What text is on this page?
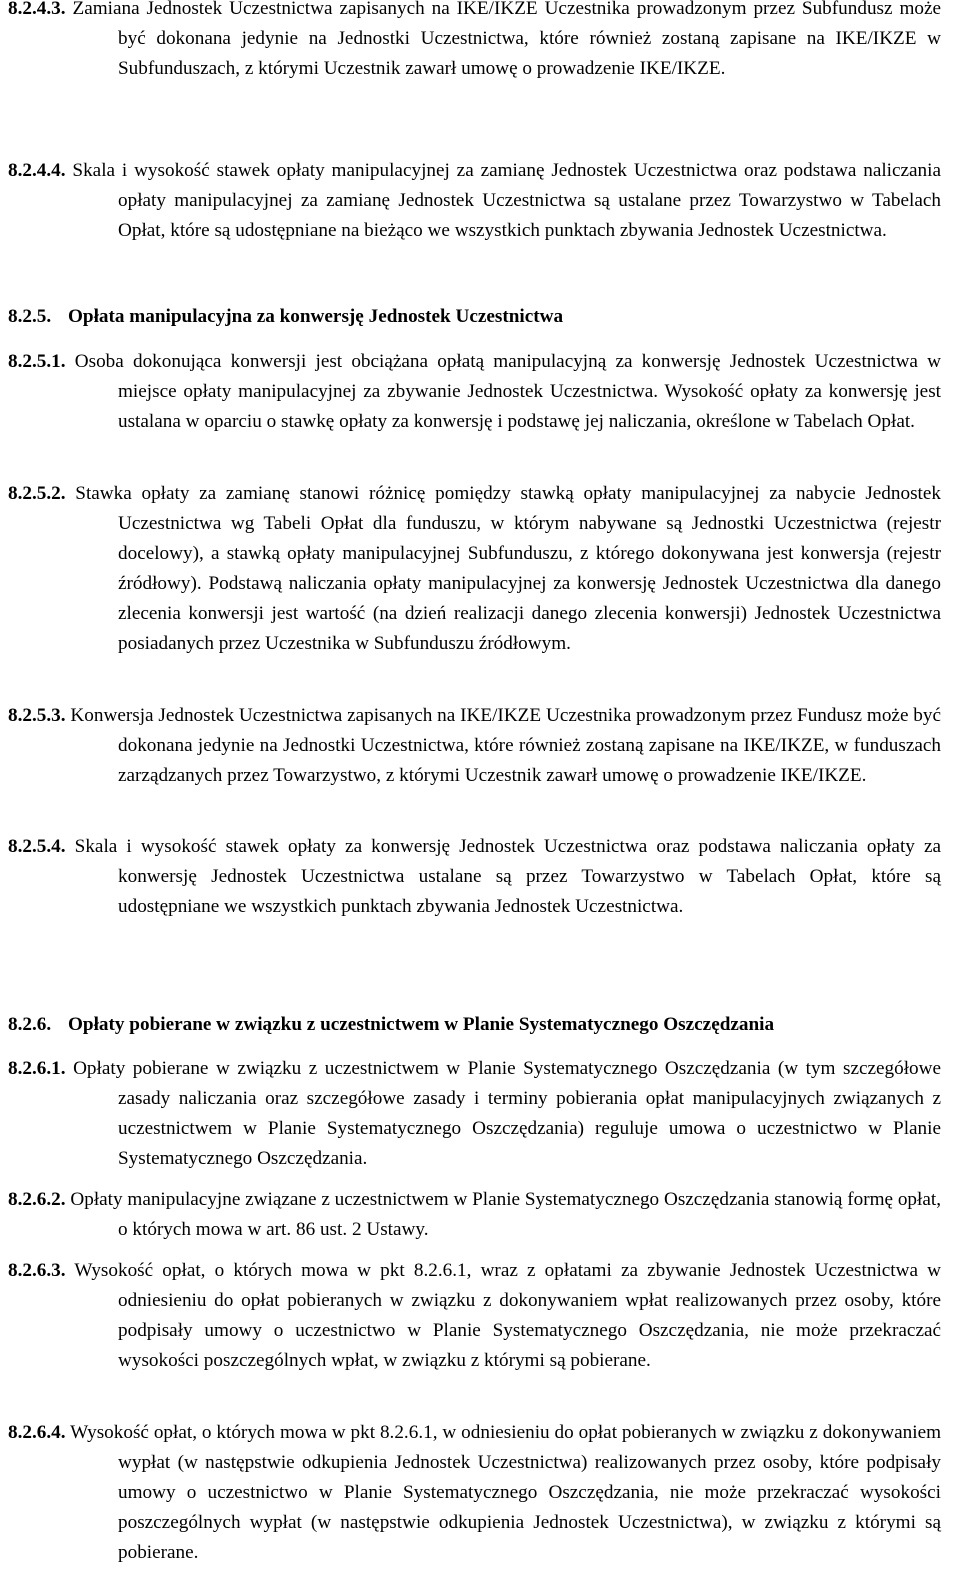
8.2.4.3. Zamiana Jednostek Uczestnictwa zapisanych na IKE/IKZE Uczestnika prowadzonym przez Subfundusz może być dokonana jedynie na Jednostki Uczestnictwa, które również zostaną zapisane na IKE/IKZE w Subfunduszach, z którymi Uczestnik zawarł umowę o prowadzenie IKE/IKZE.
8.2.4.4. Skala i wysokość stawek opłaty manipulacyjnej za zamianę Jednostek Uczestnictwa oraz podstawa naliczania opłaty manipulacyjnej za zamianę Jednostek Uczestnictwa są ustalane przez Towarzystwo w Tabelach Opłat, które są udostępniane na bieżąco we wszystkich punktach zbywania Jednostek Uczestnictwa.
8.2.5. Opłata manipulacyjna za konwersję Jednostek Uczestnictwa
8.2.5.1. Osoba dokonująca konwersji jest obciążana opłatą manipulacyjną za konwersję Jednostek Uczestnictwa w miejsce opłaty manipulacyjnej za zbywanie Jednostek Uczestnictwa. Wysokość opłaty za konwersję jest ustalana w oparciu o stawkę opłaty za konwersję i podstawę jej naliczania, określone w Tabelach Opłat.
8.2.5.2. Stawka opłaty za zamianę stanowi różnicę pomiędzy stawką opłaty manipulacyjnej za nabycie Jednostek Uczestnictwa wg Tabeli Opłat dla funduszu, w którym nabywane są Jednostki Uczestnictwa (rejestr docelowy), a stawką opłaty manipulacyjnej Subfunduszu, z którego dokonywana jest konwersja (rejestr źródłowy). Podstawą naliczania opłaty manipulacyjnej za konwersję Jednostek Uczestnictwa dla danego zlecenia konwersji jest wartość (na dzień realizacji danego zlecenia konwersji) Jednostek Uczestnictwa posiadanych przez Uczestnika w Subfunduszu źródłowym.
8.2.5.3. Konwersja Jednostek Uczestnictwa zapisanych na IKE/IKZE Uczestnika prowadzonym przez Fundusz może być dokonana jedynie na Jednostki Uczestnictwa, które również zostaną zapisane na IKE/IKZE, w funduszach zarządzanych przez Towarzystwo, z którymi Uczestnik zawarł umowę o prowadzenie IKE/IKZE.
8.2.5.4. Skala i wysokość stawek opłaty za konwersję Jednostek Uczestnictwa oraz podstawa naliczania opłaty za konwersję Jednostek Uczestnictwa ustalane są przez Towarzystwo w Tabelach Opłat, które są udostępniane we wszystkich punktach zbywania Jednostek Uczestnictwa.
8.2.6. Opłaty pobierane w związku z uczestnictwem w Planie Systematycznego Oszczędzania
8.2.6.1. Opłaty pobierane w związku z uczestnictwem w Planie Systematycznego Oszczędzania (w tym szczegółowe zasady naliczania oraz szczegółowe zasady i terminy pobierania opłat manipulacyjnych związanych z uczestnictwem w Planie Systematycznego Oszczędzania) reguluje umowa o uczestnictwo w Planie Systematycznego Oszczędzania.
8.2.6.2. Opłaty manipulacyjne związane z uczestnictwem w Planie Systematycznego Oszczędzania stanowią formę opłat, o których mowa w art. 86 ust. 2 Ustawy.
8.2.6.3. Wysokość opłat, o których mowa w pkt 8.2.6.1, wraz z opłatami za zbywanie Jednostek Uczestnictwa w odniesieniu do opłat pobieranych w związku z dokonywaniem wpłat realizowanych przez osoby, które podpisały umowy o uczestnictwo w Planie Systematycznego Oszczędzania, nie może przekraczać wysokości poszczególnych wpłat, w związku z którymi są pobierane.
8.2.6.4. Wysokość opłat, o których mowa w pkt 8.2.6.1, w odniesieniu do opłat pobieranych w związku z dokonywaniem wypłat (w następstwie odkupienia Jednostek Uczestnictwa) realizowanych przez osoby, które podpisały umowy o uczestnictwo w Planie Systematycznego Oszczędzania, nie może przekraczać wysokości poszczególnych wypłat (w następstwie odkupienia Jednostek Uczestnictwa), w związku z którymi są pobierane.
